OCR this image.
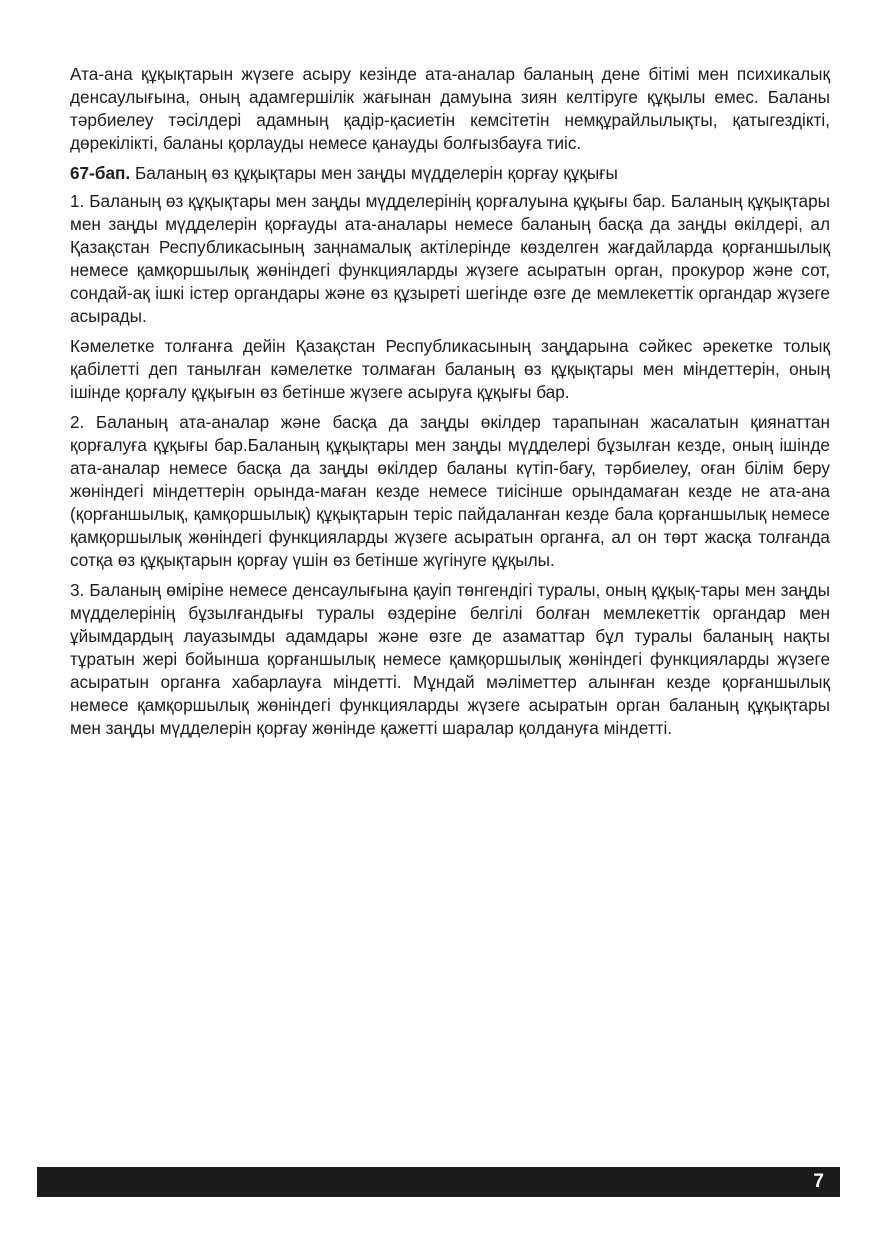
Ата-ана құқықтарын жүзеге асыру кезінде ата-аналар баланың дене бітімі мен психикалық денсаулығына, оның адамгершілік жағынан дамуына зиян келтіруге құқылы емес. Баланы тәрбиелеу тәсілдері адамның қадір-қасиетін кемсітетін немқұрайлылықты, қатыгездікті, дөрекілікті, баланы қорлауды немесе қанауды болғызбауға тиіс.

67-бап. Баланың өз құқықтары мен заңды мүдделерін қорғау құқығы

1. Баланың өз құқықтары мен заңды мүдделерінің қорғалуына құқығы бар. Баланың құқықтары мен заңды мүдделерін қорғауды ата-аналары немесе баланың басқа да заңды өкілдері, ал Қазақстан Республикасының заңнамалық актілерінде көзделген жағдайларда қорғаншылық немесе қамқоршылық жөніндегі функцияларды жүзеге асыратын орган, прокурор және сот, сондай-ақ ішкі істер органдары және өз құзыреті шегінде өзге де мемлекеттік органдар жүзеге асырады.

Кәмелетке толғанға дейін Қазақстан Республикасының заңдарына сәйкес әрекетке толық қабілетті деп танылған кәмелетке толмаған баланың өз құқықтары мен міндеттерін, оның ішінде қорғалу құқығын өз бетінше жүзеге асыруға құқығы бар.

2. Баланың ата-аналар және басқа да заңды өкілдер тарапынан жасалатын қиянаттан қорғалуға құқығы бар.Баланың құқықтары мен заңды мүдделері бұзылған кезде, оның ішінде ата-аналар немесе басқа да заңды өкілдер баланы күтіп-бағу, тәрбиелеу, оған білім беру жөніндегі міндеттерін орында-маған кезде немесе тиісінше орындамаған кезде не ата-ана (қорғаншылық, қамқоршылық) құқықтарын теріс пайдаланған кезде бала қорғаншылық немесе қамқоршылық жөніндегі функцияларды жүзеге асыратын органға, ал он төрт жасқа толғанда сотқа өз құқықтарын қорғау үшін өз бетінше жүгінуге құқылы.

3. Баланың өміріне немесе денсаулығына қауіп төнгендігі туралы, оның құқық-тары мен заңды мүдделерінің бұзылғандығы туралы өздеріне белгілі болған мемлекеттік органдар мен ұйымдардың лауазымды адамдары және өзге де азаматтар бұл туралы баланың нақты тұратын жері бойынша қорғаншылық немесе қамқоршылық жөніндегі функцияларды жүзеге асыратын органға хабарлауға міндетті. Мұндай мәліметтер алынған кезде қорғаншылық немесе қамқоршылық жөніндегі функцияларды жүзеге асыратын орган баланың құқықтары мен заңды мүдделерін қорғау жөнінде қажетті шаралар қолдануға міндетті.

7
